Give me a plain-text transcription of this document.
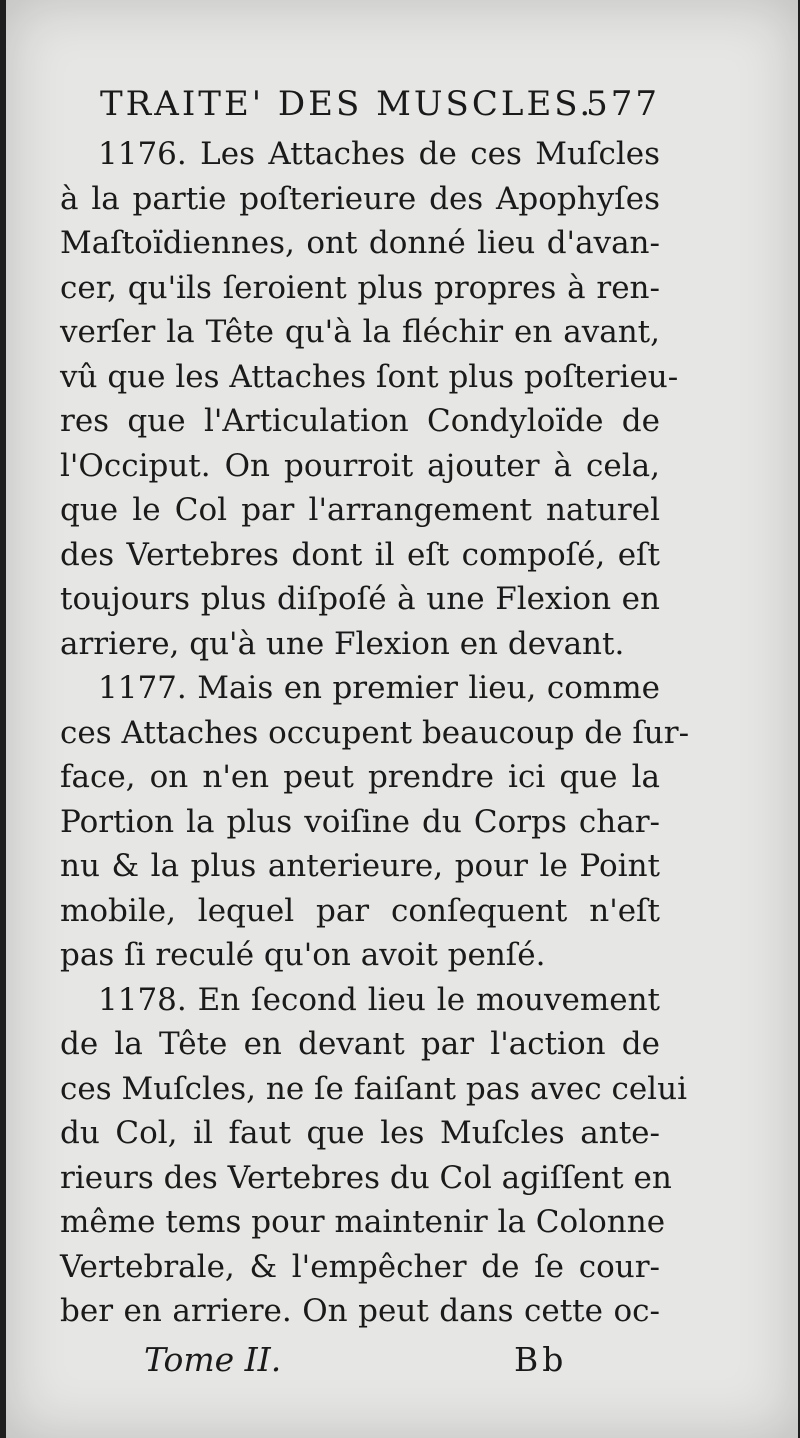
TRAITE' DES MUSCLES.
577
1176. Les Attaches de ces Muſcles
à la partie poſterieure des Apophyſes
Maſtoïdiennes, ont donné lieu d'avan-
cer, qu'ils ſeroient plus propres à ren-
verſer la Tête qu'à la fléchir en avant,
vû que les Attaches ſont plus poſterieu-
res que l'Articulation Condyloïde de
l'Occiput. On pourroit ajouter à cela,
que le Col par l'arrangement naturel
des Vertebres dont il eſt compoſé, eſt
toujours plus diſpoſé à une Flexion en
arriere, qu'à une Flexion en devant.
1177. Mais en premier lieu, comme
ces Attaches occupent beaucoup de ſur-
face, on n'en peut prendre ici que la
Portion la plus voiſine du Corps char-
nu & la plus anterieure, pour le Point
mobile, lequel par conſequent n'eſt
pas ſi reculé qu'on avoit penſé.
1178. En ſecond lieu le mouvement
de la Tête en devant par l'action de
ces Muſcles, ne ſe faiſant pas avec celui
du Col, il faut que les Muſcles ante-
rieurs des Vertebres du Col agiſſent en
même tems pour maintenir la Colonne
Vertebrale, & l'empêcher de ſe cour-
ber en arriere. On peut dans cette oc-
Tome II.	Bb
